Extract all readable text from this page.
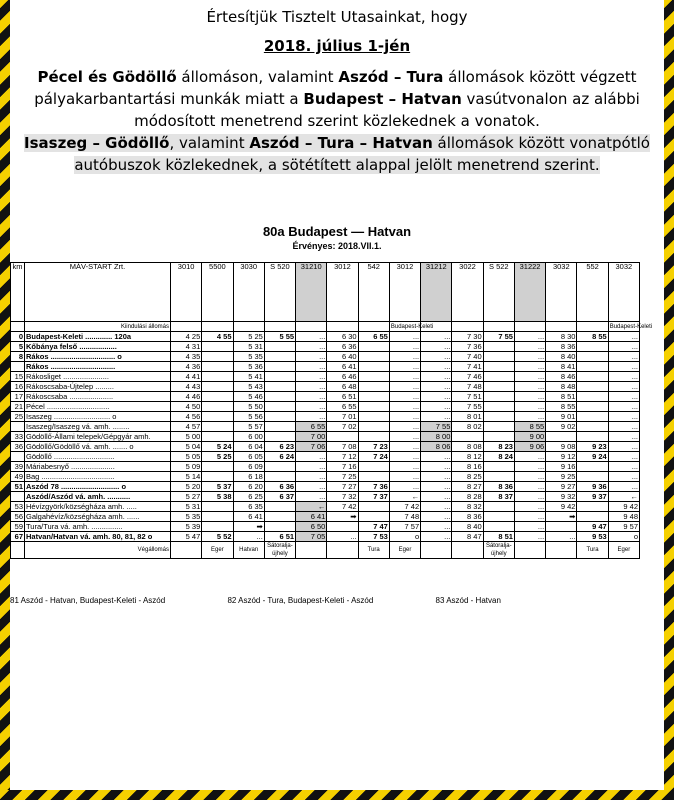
Értesítjük Tisztelt Utasainkat, hogy
2018. július 1-jén
Pécel és Gödöllő állomáson, valamint Aszód – Tura állomások között végzett pályakarbantartási munkák miatt a Budapest – Hatvan vasútvonalon az alábbi módosított menetrend szerint közlekednek a vonatok.
Isaszeg – Gödöllő, valamint Aszód – Tura – Hatvan állomások között vonatpótló autóbuszok közlekednek, a sötétített alappal jelölt menetrend szerint.
80a Budapest — Hatvan
Érvényes: 2018.VII.1.
km	MÁV-START Zrt.	3010	5500	3030	S 520	31210	3012	542	3012	31212	3022	S 522	31222	3032	552	3032
	Kiindulási állomás								Budapest-Keleti							Budapest-Keleti
0	Budapest-Keleti ............. 120a	4 25	4 55	5 25	5 55	...	6 30	6 55	...	...	7 30	7 55	...	8 30	8 55	...
5	Kőbánya felső ..................	4 31		5 31		...	6 36		...	...	7 36		...	8 36		...
8	Rákos ............................... o	4 35		5 35		...	6 40		...	...	7 40		...	8 40		...
	Rákos ...............................	4 36		5 36		...	6 41		...	...	7 41		...	8 41		...
15	Rákosliget ......................	4 41		5 41		...	6 46		...	...	7 46		...	8 46		...
16	Rákoscsaba-Újtelep .........	4 43		5 43		...	6 48		...	...	7 48		...	8 48		...
17	Rákoscsaba .....................	4 46		5 46		...	6 51		...	...	7 51		...	8 51		...
21	Pécel ..............................	4 50		5 50		...	6 55		...	...	7 55		...	8 55		...
25	Isaszeg ........................... o	4 56		5 56		...	7 01		...	...	8 01		...	9 01		...
	Isaszeg/Isaszeg vá. amh. ........	4 57		5 57		6 55	7 02		...	7 55	8 02		8 55	9 02		...
33	Gödöllő-Állami telepek/Gépgyár amh.	5 00		6 00		7 00			...	8 00			9 00			...
36	Gödöllő/Gödöllő vá. amh. ....... o	5 04	5 24	6 04	6 23	7 06	7 08	7 23	...	8 06	8 08	8 23	9 06	9 08	9 23	...
	Gödöllő .............................	5 05	5 25	6 05	6 24	...	7 12	7 24	...	...	8 12	8 24	...	9 12	9 24	...
39	Máriabesnyő .....................	5 09		6 09		...	7 16		...	...	8 16		...	9 16		...
49	Bag ...................................	5 14		6 18		...	7 25		...	...	8 25		...	9 25		...
51	Aszód 78 ............................ o	5 20	5 37	6 20	6 36	...	7 27	7 36	...	...	8 27	8 36	...	9 27	9 36	...
	Aszód/Aszód vá. amh. ...........	5 27	5 38	6 25	6 37	...	7 32	7 37	←	...	8 28	8 37	...	9 32	9 37	←
53	Hévízgyörk/községháza amh. .....	5 31		6 35		←	7 42		7 42	...	8 32		...	9 42		9 42
56	Galgahévíz/községháza amh. ......	5 35		6 41		6 41	➡		7 48	...	8 36		...	➡		9 48
59	Tura/Tura vá. amh. ...............	5 39		➡		6 50		7 47	7 57	...	8 40		...		9 47	9 57
67	Hatvan/Hatvan vá. amh. 80, 81, 82 o	5 47	5 52	...	6 51	7 05	...	7 53	o	...	8 47	8 51	...	...	9 53	o
	Végállomás		Eger	Hatvan	Sátoralja-újhely			Tura	Eger			Sátoralja-újhely			Tura	Eger
81 Aszód - Hatvan, Budapest-Keleti - Aszód	82 Aszód - Tura, Budapest-Keleti - Aszód	83 Aszód - Hatvan
